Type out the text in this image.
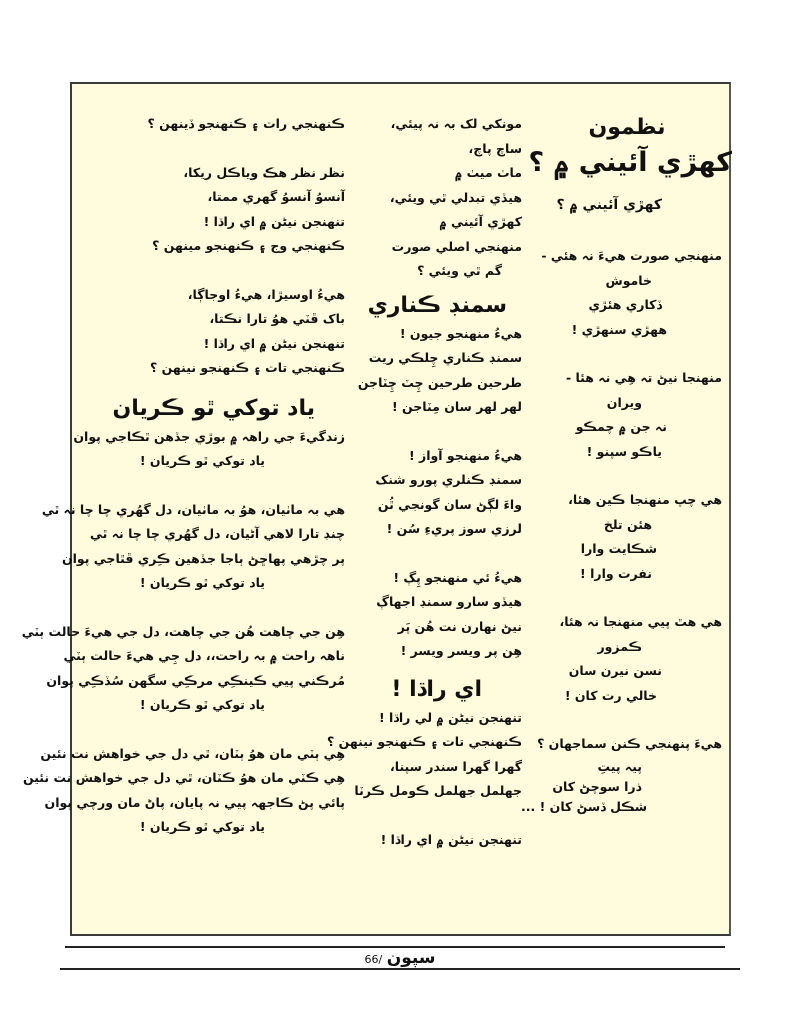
نظمون
کھڙي آئيني ۾ ؟
کھڙي آئيني ۾ ؟
منھنجي صورت ھيءَ نہ ھئي -
خاموش
ڏکاري ھئڙي
ھھڙي سنھڙي !
منھنجا نيڻ تہ ھِي نہ ھئا -
ويران
نہ جن ۾ چمڪو
ياڪو سپنو !
ھي چپ منھنجا ڪين ھئا،
ھئن تلخ
شڪايت وارا
نفرت وارا !
ھي ھٿ پيي منھنجا نہ ھئا،
ڪمزور
نسن نيرن سان
خالي رت کان !
ھيءَ پنھنجي ڪنن سماجھان ؟
پيہ پيتِ
ذرا سوچڻ کان
شڪل ڏسڻ کان ! ...
مونکي لک بہ نہ پيئي،
ساچ پاچ،
ماٺ ميٺ ۾
ھيڏي تبدلي ٿي ويئي،
کھڙي آئيني ۾
منھنجي اصلي صورت
گم ٿي ويئي ؟
سمنڊ ڪناري
ھيءُ منھنجو جيون !
سمنڊ ڪناري چِلڪي ريت
طرحين طرحين چِٽ چِٽاجن
لھر لھر سان مِٽاجن !
ھيءُ منھنجو آواز !
سمنڊ ڪنلري پورو شنک
واءَ لڳڻ سان گونجي ٿُن
لرزي سوز پريءِ سُن !
ھيءُ ئي منھنجو پِڳ !
ھيڏو سارو سمنڊ اجھاڳ
نيڻ نھارن نت ھُن پَر
ھِن پر ويسر ويسر !
اي راڌا !
تنھنجن نيڻن ۾ لي راڌا !
ڪنھنجي تات ۽ ڪنھنجو نينھن ؟
گھرا گھرا سندر سپنا،
جھلمل جھلمل ڪومل ڪرٽا
تنھنجن نيڻن ۾ اي راڌا !
ڪنھنجي رات ۽ ڪنھنجو ڏينھن ؟
نظر نظر ھڪ وياڪل ريکا،
آنسوُ آنسوُ گھري ممتا،
تنھنجن نيڻن ۾ اي راڌا !
ڪنھنجي وج ۽ ڪنھنجو مينھن ؟
ھيءُ اوسيڙا، ھيءُ اوجاڳا،
باک ڦٽي ھوُ تارا نڪتا،
تنھنجن نيڻن ۾ اي راڌا !
ڪنھنجي تات ۽ ڪنھنجو نينھن ؟
ياد توکي ٿو ڪريان
زندگيءَ جي راھہ ۾ بوڙي جڏھن ٿڪاجي پوان
ياد توکي ٿو ڪريان !
ھي بہ ماٺيان، ھوُ بہ ماٺيان، دل گھُري چا چا نہ ٿي
چنڊ تارا لاھي آڻيان، دل گھُري چا چا نہ ٿي
پر چڙھي پھاڇڻ ٻاجا جڏھين ڪِري ڦٿاجي پوان
ياد توکي ٿو ڪريان !
ھِن جي چاھت ھُن جي چاھت، دل جي ھيءَ حالت ٻٽي
ناھہ راحت ۾ بہ راحت،، دل جِي ھيءَ حالت ٻٽي
مُرڪني پيي ڪينڪِي مرڪِي سگھن سُڏڪِي پوان
ياد توکي ٿو ڪريان !
ھِي ٻٽي مان ھوُ ٻٽان، ٿي دل جي خواھش نت نئين
ھِي ڪٽي مان ھوُ ڪٽان، ٿي دل جي خواھش نت نئين
پائي پڻ ڪاجھہ پيي نہ پايان، پاڻ مان ورچي پوان
ياد توکي ٿو ڪريان !
سپون /66
